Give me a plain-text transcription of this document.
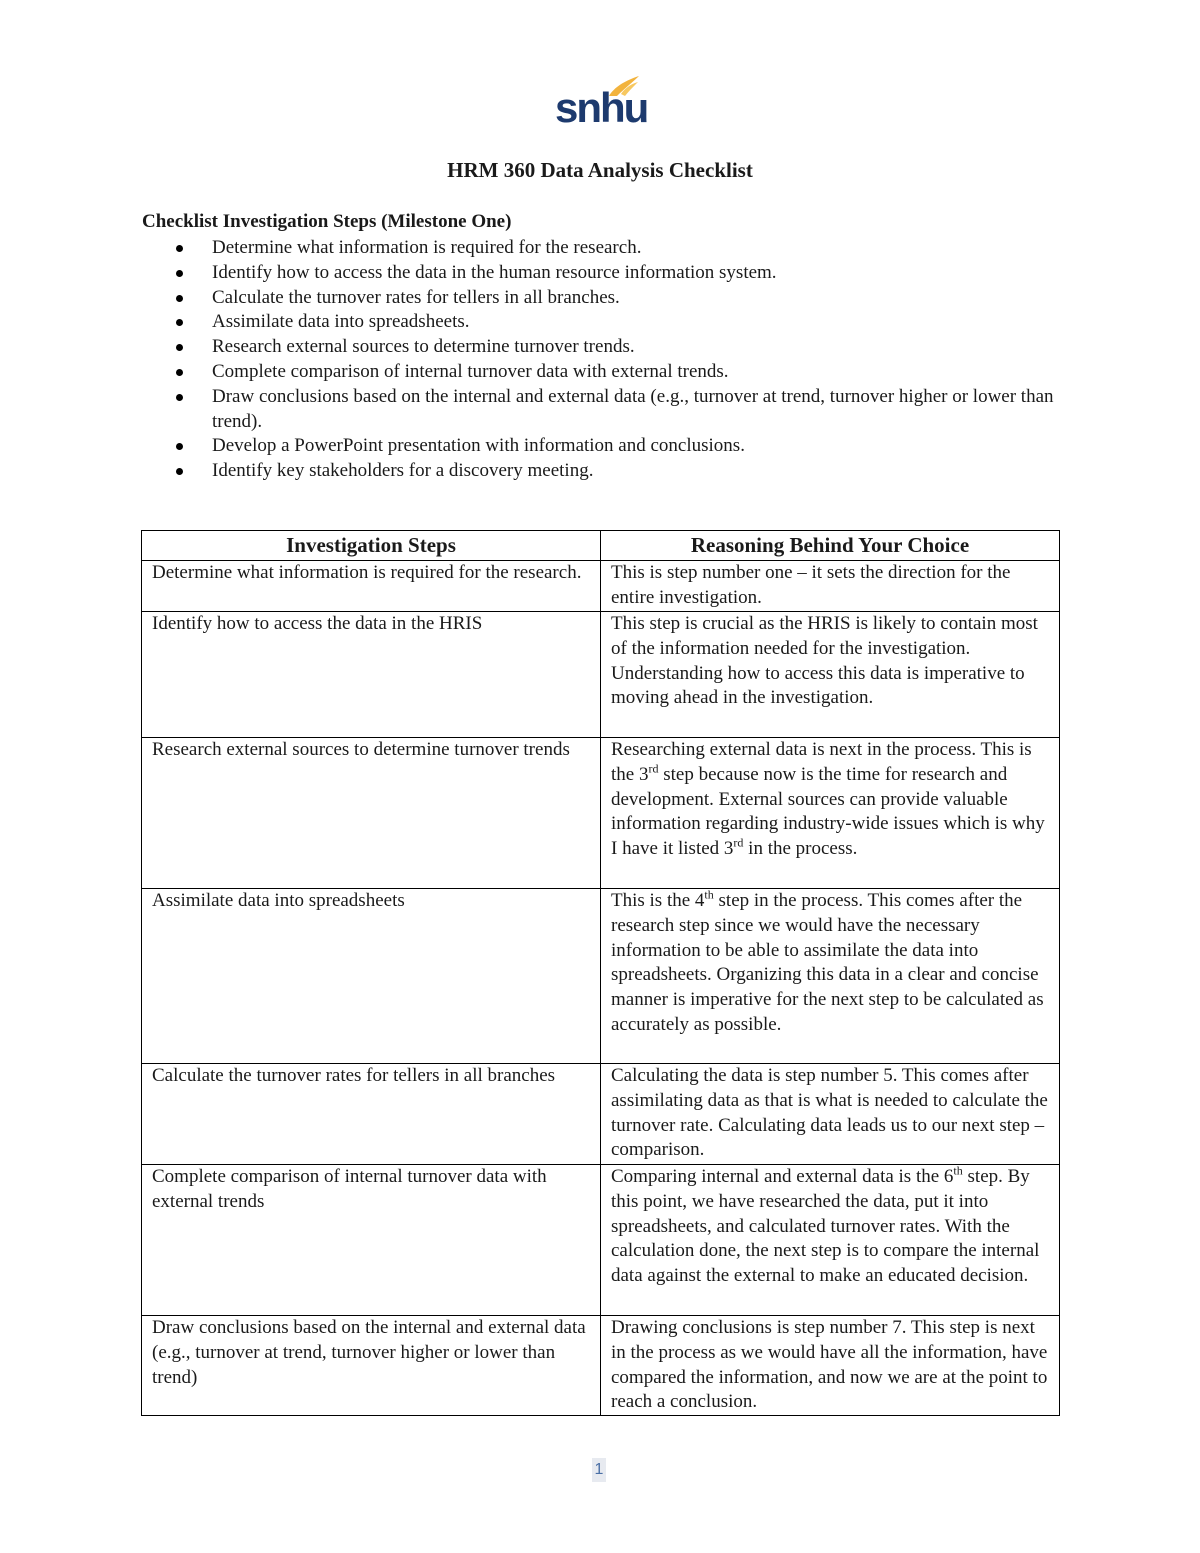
snhu
HRM 360 Data Analysis Checklist
Checklist Investigation Steps (Milestone One)
Determine what information is required for the research.
Identify how to access the data in the human resource information system.
Calculate the turnover rates for tellers in all branches.
Assimilate data into spreadsheets.
Research external sources to determine turnover trends.
Complete comparison of internal turnover data with external trends.
Draw conclusions based on the internal and external data (e.g., turnover at trend, turnover higher or lower than trend).
Develop a PowerPoint presentation with information and conclusions.
Identify key stakeholders for a discovery meeting.
Investigation Steps	Reasoning Behind Your Choice
Determine what information is required for the research.	This is step number one – it sets the direction for the entire investigation.
Identify how to access the data in the HRIS	This step is crucial as the HRIS is likely to contain most of the information needed for the investigation. Understanding how to access this data is imperative to moving ahead in the investigation.
Research external sources to determine turnover trends	Researching external data is next in the process. This is the 3rd step because now is the time for research and development. External sources can provide valuable information regarding industry-wide issues which is why I have it listed 3rd in the process.
Assimilate data into spreadsheets	This is the 4th step in the process. This comes after the research step since we would have the necessary information to be able to assimilate the data into spreadsheets. Organizing this data in a clear and concise manner is imperative for the next step to be calculated as accurately as possible.
Calculate the turnover rates for tellers in all branches	Calculating the data is step number 5. This comes after assimilating data as that is what is needed to calculate the turnover rate. Calculating data leads us to our next step – comparison.
Complete comparison of internal turnover data with external trends	Comparing internal and external data is the 6th step. By this point, we have researched the data, put it into spreadsheets, and calculated turnover rates. With the calculation done, the next step is to compare the internal data against the external to make an educated decision.
Draw conclusions based on the internal and external data (e.g., turnover at trend, turnover higher or lower than trend)	Drawing conclusions is step number 7. This step is next in the process as we would have all the information, have compared the information, and now we are at the point to reach a conclusion.
1
